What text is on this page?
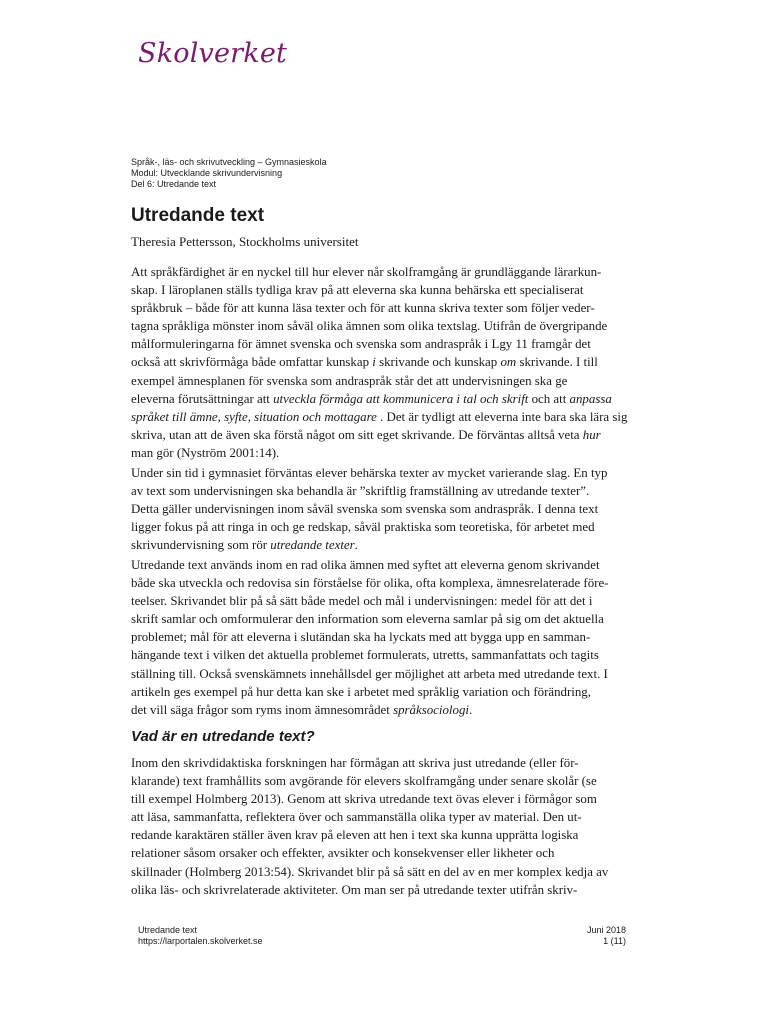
Skolverket
Språk-, läs- och skrivutveckling – Gymnasieskola
Modul: Utvecklande skrivundervisning
Del 6: Utredande text
Utredande text
Theresia Pettersson, Stockholms universitet
Att språkfärdighet är en nyckel till hur elever når skolframgång är grundläggande lärarkun-
skap. I läroplanen ställs tydliga krav på att eleverna ska kunna behärska ett specialiserat
språkbruk – både för att kunna läsa texter och för att kunna skriva texter som följer veder-
tagna språkliga mönster inom såväl olika ämnen som olika textslag. Utifrån de övergripande
målformuleringarna för ämnet svenska och svenska som andraspråk i Lgy 11 framgår det
också att skrivförmåga både omfattar kunskap i skrivande och kunskap om skrivande. I till
exempel ämnesplanen för svenska som andraspråk står det att undervisningen ska ge
eleverna förutsättningar att utveckla förmåga att kommunicera i tal och skrift och att anpassa
språket till ämne, syfte, situation och mottagare . Det är tydligt att eleverna inte bara ska lära sig
skriva, utan att de även ska förstå något om sitt eget skrivande. De förväntas alltså veta hur
man gör (Nyström 2001:14).
Under sin tid i gymnasiet förväntas elever behärska texter av mycket varierande slag. En typ
av text som undervisningen ska behandla är ”skriftlig framställning av utredande texter”.
Detta gäller undervisningen inom såväl svenska som svenska som andraspråk. I denna text
ligger fokus på att ringa in och ge redskap, såväl praktiska som teoretiska, för arbetet med
skrivundervisning som rör utredande texter.
Utredande text används inom en rad olika ämnen med syftet att eleverna genom skrivandet
både ska utveckla och redovisa sin förståelse för olika, ofta komplexa, ämnesrelaterade före-
teelser. Skrivandet blir på så sätt både medel och mål i undervisningen: medel för att det i
skrift samlar och omformulerar den information som eleverna samlar på sig om det aktuella
problemet; mål för att eleverna i slutändan ska ha lyckats med att bygga upp en samman-
hängande text i vilken det aktuella problemet formulerats, utretts, sammanfattats och tagits
ställning till. Också svenskämnets innehållsdel ger möjlighet att arbeta med utredande text. I
artikeln ges exempel på hur detta kan ske i arbetet med språklig variation och förändring,
det vill säga frågor som ryms inom ämnesområdet språksociologi.
Vad är en utredande text?
Inom den skrivdidaktiska forskningen har förmågan att skriva just utredande (eller för-
klarande) text framhållits som avgörande för elevers skolframgång under senare skolår (se
till exempel Holmberg 2013). Genom att skriva utredande text övas elever i förmågor som
att läsa, sammanfatta, reflektera över och sammanställa olika typer av material. Den ut-
redande karaktären ställer även krav på eleven att hen i text ska kunna upprätta logiska
relationer såsom orsaker och effekter, avsikter och konsekvenser eller likheter och
skillnader (Holmberg 2013:54). Skrivandet blir på så sätt en del av en mer komplex kedja av
olika läs- och skrivrelaterade aktiviteter. Om man ser på utredande texter utifrån skriv-
Utredande text
https://larportalen.skolverket.se
Juni 2018
1 (11)
